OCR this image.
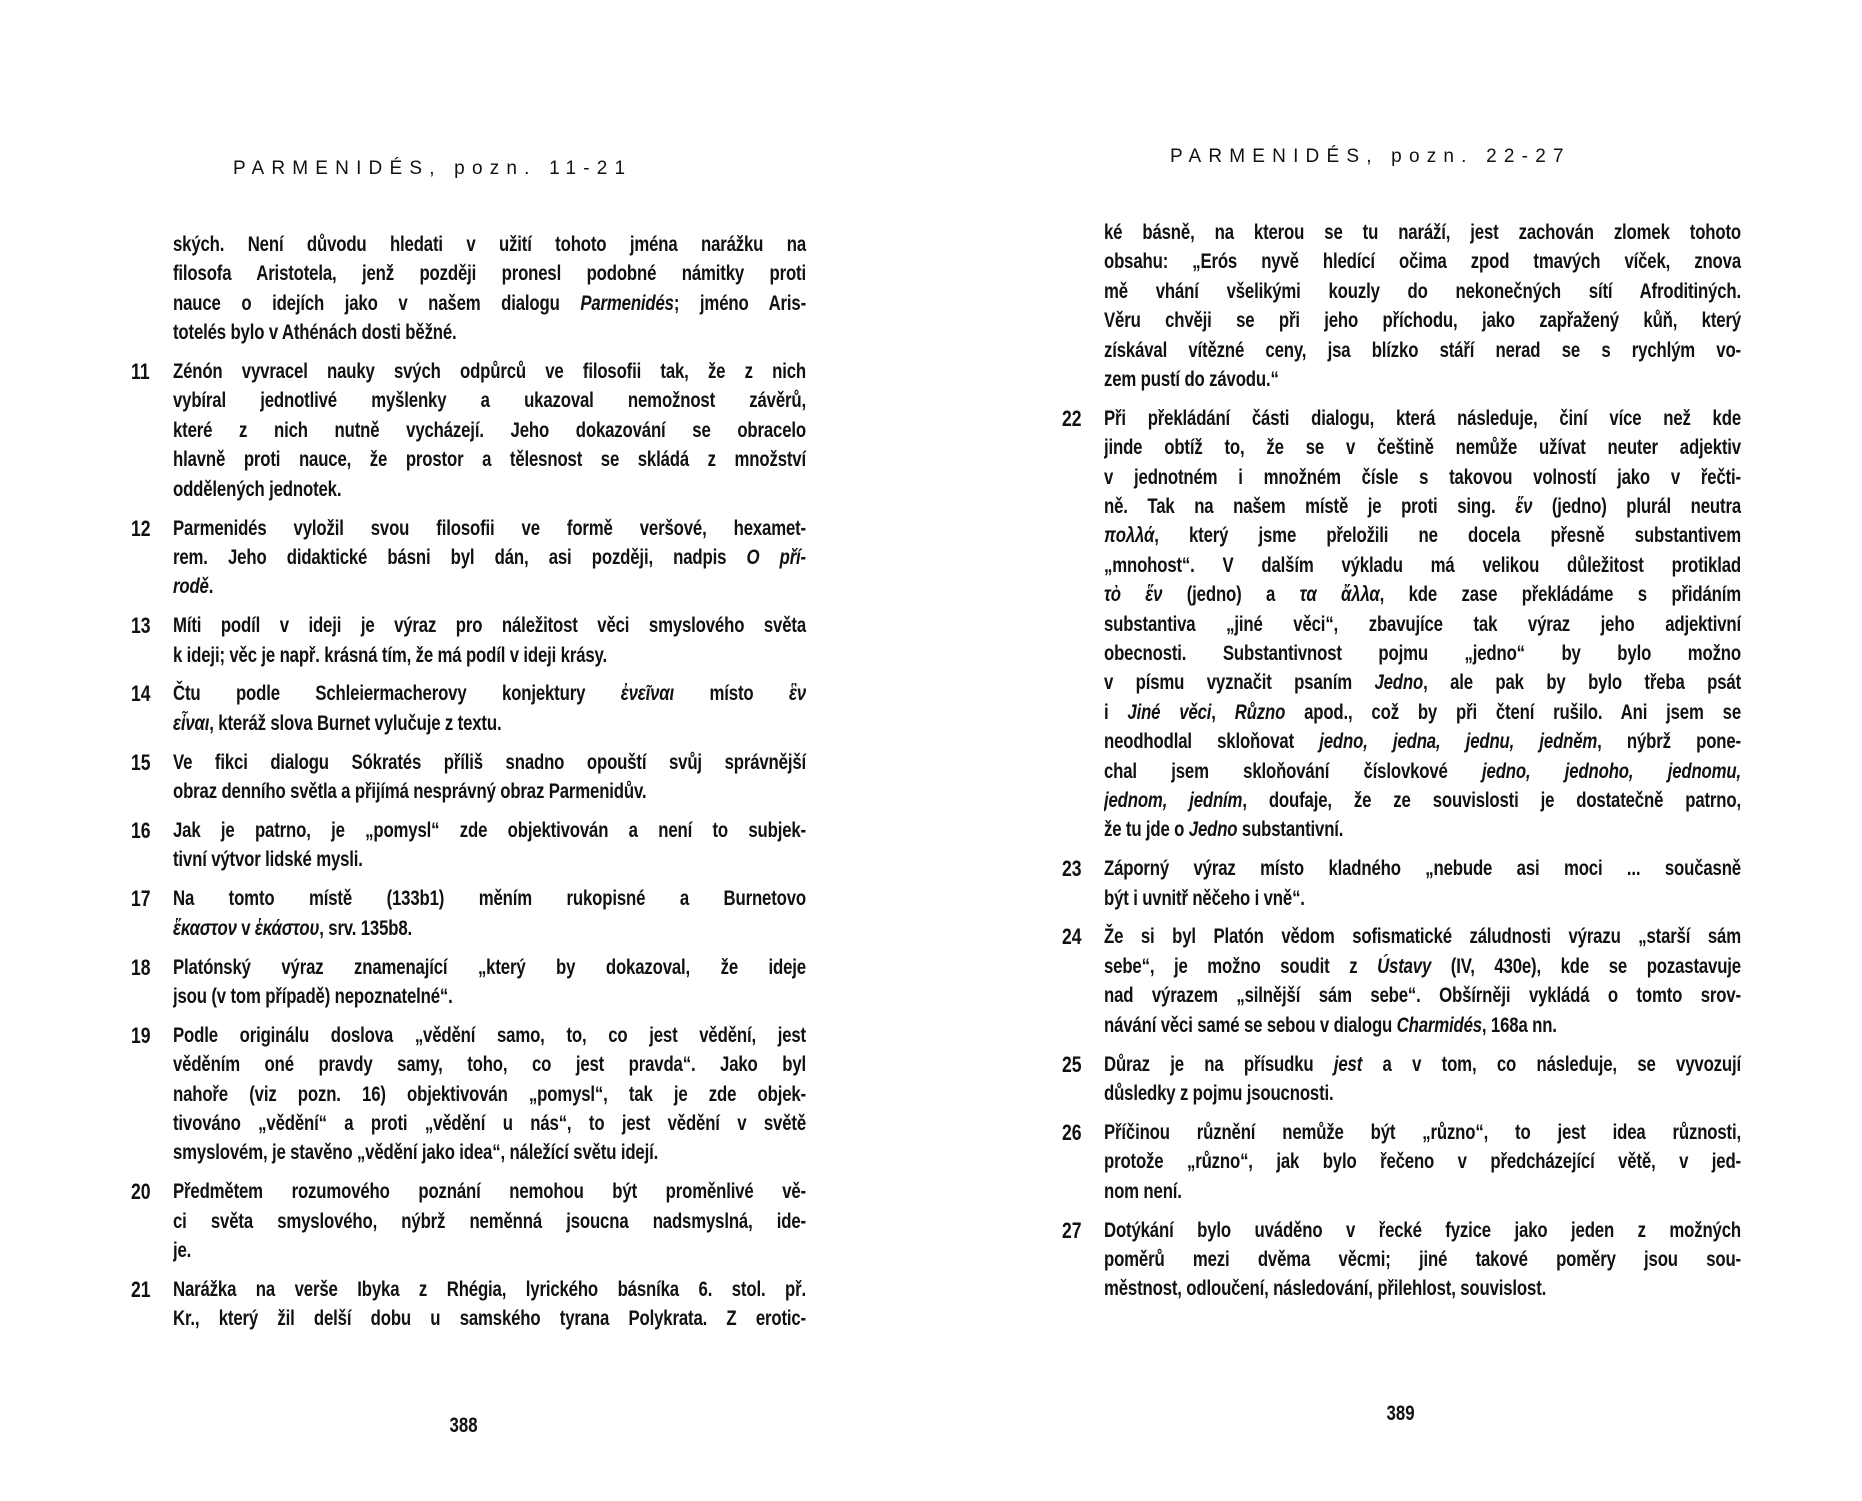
PARMENIDÉS, pozn. 11-21
ských. Není důvodu hledati v užití tohoto jména narážku na
filosofa Aristotela, jenž později pronesl podobné námitky proti
nauce o idejích jako v našem dialogu Parmenidés; jméno Aris-
totelés bylo v Athénách dosti běžné.
11 Zénón vyvracel nauky svých odpůrců ve filosofii tak, že z nich
vybíral jednotlivé myšlenky a ukazoval nemožnost závěrů,
které z nich nutně vycházejí. Jeho dokazování se obracelo
hlavně proti nauce, že prostor a tělesnost se skládá z množství
oddělených jednotek.
12 Parmenidés vyložil svou filosofii ve formě veršové, hexamet-
rem. Jeho didaktické básni byl dán, asi později, nadpis O pří-
rodě.
13 Míti podíl v ideji je výraz pro náležitost věci smyslového světa
k ideji; věc je např. krásná tím, že má podíl v ideji krásy.
14 Čtu podle Schleiermacherovy konjektury ἐνεῖναι místo ἓν
εἶναι, kteráž slova Burnet vylučuje z textu.
15 Ve fikci dialogu Sókratés příliš snadno opouští svůj správnější
obraz denního světla a přijímá nesprávný obraz Parmenidův.
16 Jak je patrno, je „pomysl“ zde objektivován a není to subjek-
tivní výtvor lidské mysli.
17 Na tomto místě (133b1) měním rukopisné a Burnetovo
ἕκαστον v ἑκάστου, srv. 135b8.
18 Platónský výraz znamenající „který by dokazoval, že ideje
jsou (v tom případě) nepoznatelné“.
19 Podle originálu doslova „vědění samo, to, co jest vědění, jest
věděním oné pravdy samy, toho, co jest pravda“. Jako byl
nahoře (viz pozn. 16) objektivován „pomysl“, tak je zde objek-
tivováno „vědění“ a proti „vědění u nás“, to jest vědění v světě
smyslovém, je stavěno „vědění jako idea“, náležící světu idejí.
20 Předmětem rozumového poznání nemohou být proměnlivé vě-
ci světa smyslového, nýbrž neměnná jsoucna nadsmyslná, ide-
je.
21 Narážka na verše Ibyka z Rhégia, lyrického básníka 6. stol. př.
Kr., který žil delší dobu u samského tyrana Polykrata. Z erotic-
388
PARMENIDÉS, pozn. 22-27
ké básně, na kterou se tu naráží, jest zachován zlomek tohoto
obsahu: „Erós nyvě hledící očima zpod tmavých víček, znova
mě vhání všelikými kouzly do nekonečných sítí Afroditiných.
Věru chvěji se při jeho příchodu, jako zapřažený kůň, který
získával vítězné ceny, jsa blízko stáří nerad se s rychlým vo-
zem pustí do závodu.“
22 Při překládání části dialogu, která následuje, činí více než kde
jinde obtíž to, že se v češtině nemůže užívat neuter adjektiv
v jednotném i množném čísle s takovou volností jako v řečti-
ně. Tak na našem místě je proti sing. ἕν (jedno) plurál neutra
πολλά, který jsme přeložili ne docela přesně substantivem
„mnohost“. V dalším výkladu má velikou důležitost protiklad
τὸ ἕν (jedno) a τα ἄλλα, kde zase překládáme s přidáním
substantiva „jiné věci“, zbavujíce tak výraz jeho adjektivní
obecnosti. Substantivnost pojmu „jedno“ by bylo možno
v písmu vyznačit psaním Jedno, ale pak by bylo třeba psát
i Jiné věci, Různo apod., což by při čtení rušilo. Ani jsem se
neodhodlal skloňovat jedno, jedna, jednu, jedněm, nýbrž pone-
chal jsem skloňování číslovkové jedno, jednoho, jednomu,
jednom, jedním, doufaje, že ze souvislosti je dostatečně patrno,
že tu jde o Jedno substantivní.
23 Záporný výraz místo kladného „nebude asi moci ... současně
být i uvnitř něčeho i vně“.
24 Že si byl Platón vědom sofismatické záludnosti výrazu „starší sám
sebe“, je možno soudit z Ústavy (IV, 430e), kde se pozastavuje
nad výrazem „silnější sám sebe“. Obšírněji vykládá o tomto srov-
návání věci samé se sebou v dialogu Charmidés, 168a nn.
25 Důraz je na přísudku jest a v tom, co následuje, se vyvozují
důsledky z pojmu jsoucnosti.
26 Příčinou různění nemůže být „různo“, to jest idea různosti,
protože „různo“, jak bylo řečeno v předcházející větě, v jed-
nom není.
27 Dotýkání bylo uváděno v řecké fyzice jako jeden z možných
poměrů mezi dvěma věcmi; jiné takové poměry jsou sou-
městnost, odloučení, následování, přilehlost, souvislost.
389
